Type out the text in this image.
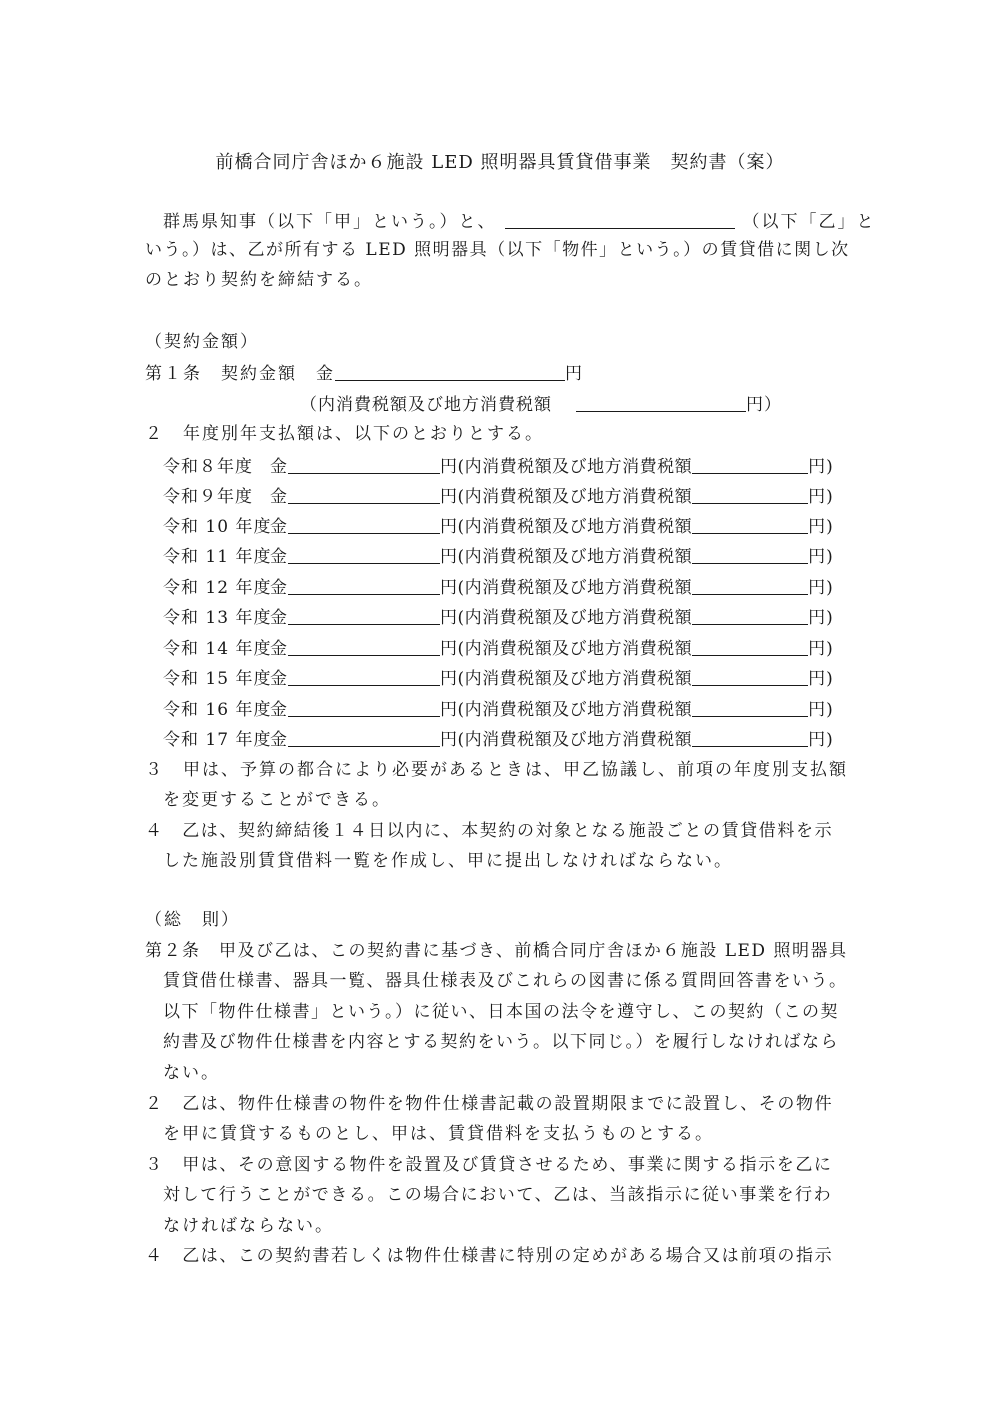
前橋合同庁舎ほか６施設 LED 照明器具賃貸借事業　契約書（案）
群馬県知事（以下「甲」という。）と、	（以下「乙」と
いう。）は、乙が所有する LED 照明器具（以下「物件」という。）の賃貸借に関し次
のとおり契約を締結する。
（契約金額）
第１条　契約金額　金	円
（内消費税額及び地方消費税額	円）
２　年度別年支払額は、以下のとおりとする。
令和８年度 金	円(内消費税額及び地方消費税額	円)
令和９年度 金	円(内消費税額及び地方消費税額	円)
令和 10 年度金	円(内消費税額及び地方消費税額	円)
令和 11 年度金	円(内消費税額及び地方消費税額	円)
令和 12 年度金	円(内消費税額及び地方消費税額	円)
令和 13 年度金	円(内消費税額及び地方消費税額	円)
令和 14 年度金	円(内消費税額及び地方消費税額	円)
令和 15 年度金	円(内消費税額及び地方消費税額	円)
令和 16 年度金	円(内消費税額及び地方消費税額	円)
令和 17 年度金	円(内消費税額及び地方消費税額	円)
３　甲は、予算の都合により必要があるときは、甲乙協議し、前項の年度別支払額
を変更することができる。
４　乙は、契約締結後１４日以内に、本契約の対象となる施設ごとの賃貸借料を示
した施設別賃貸借料一覧を作成し、甲に提出しなければならない。
（総　則）
第２条　甲及び乙は、この契約書に基づき、前橋合同庁舎ほか６施設 LED 照明器具
賃貸借仕様書、器具一覧、器具仕様表及びこれらの図書に係る質問回答書をいう。
以下「物件仕様書」という。）に従い、日本国の法令を遵守し、この契約（この契
約書及び物件仕様書を内容とする契約をいう。以下同じ。）を履行しなければなら
ない。
２　乙は、物件仕様書の物件を物件仕様書記載の設置期限までに設置し、その物件
を甲に賃貸するものとし、甲は、賃貸借料を支払うものとする。
３　甲は、その意図する物件を設置及び賃貸させるため、事業に関する指示を乙に
対して行うことができる。この場合において、乙は、当該指示に従い事業を行わ
なければならない。
４　乙は、この契約書若しくは物件仕様書に特別の定めがある場合又は前項の指示
